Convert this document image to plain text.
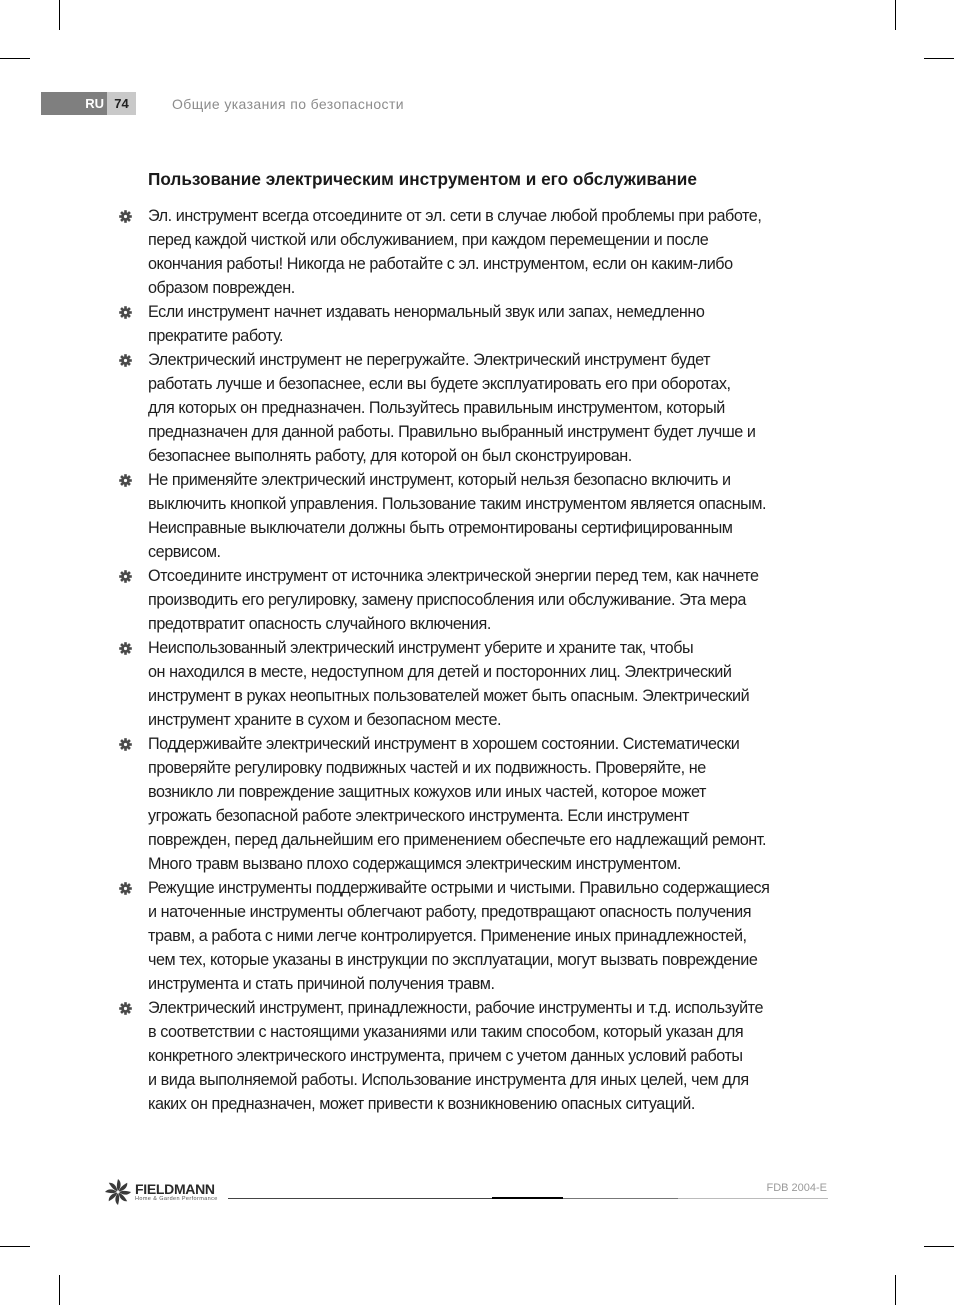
RU 74	Общие указания по безопасности
Пользование электрическим инструментом и его обслуживание
Эл. инструмент всегда отсоедините от эл. сети в случае любой проблемы при работе,
перед каждой чисткой или обслуживанием, при каждом перемещении и после
окончания работы! Никогда не работайте с эл. инструментом, если он каким-либо
образом поврежден.
Если инструмент начнет издавать ненормальный звук или запах, немедленно
прекратите работу.
Электрический инструмент не перегружайте. Электрический инструмент будет
работать лучше и безопаснее, если вы будете эксплуатировать его при оборотах,
для которых он предназначен. Пользуйтесь правильным инструментом, который
предназначен для данной работы. Правильно выбранный инструмент будет лучше и
безопаснее выполнять работу, для которой он был сконструирован.
Не применяйте электрический инструмент, который нельзя безопасно включить и
выключить кнопкой управления. Пользование таким инструментом является опасным.
Неисправные выключатели должны быть отремонтированы сертифицированным
сервисом.
Отсоедините инструмент от источника электрической энергии перед тем, как начнете
производить его регулировку, замену приспособления или обслуживание. Эта мера
предотвратит опасность случайного включения.
Неиспользованный электрический инструмент уберите и храните так, чтобы
он находился в месте, недоступном для детей и посторонних лиц. Электрический
инструмент в руках неопытных пользователей может быть опасным. Электрический
инструмент храните в сухом и безопасном месте.
Поддерживайте электрический инструмент в хорошем состоянии. Систематически
проверяйте регулировку подвижных частей и их подвижность. Проверяйте, не
возникло ли повреждение защитных кожухов или иных частей, которое может
угрожать безопасной работе электрического инструмента. Если инструмент
поврежден, перед дальнейшим его применением обеспечьте его надлежащий ремонт.
Много травм вызвано плохо содержащимся электрическим инструментом.
Режущие инструменты поддерживайте острыми и чистыми. Правильно содержащиеся
и наточенные инструменты облегчают работу, предотвращают опасность получения
травм, а работа с ними легче контролируется. Применение иных принадлежностей,
чем тех, которые указаны в инструкции по эксплуатации, могут вызвать повреждение
инструмента и стать причиной получения травм.
Электрический инструмент, принадлежности, рабочие инструменты и т.д. используйте
в соответствии с настоящими указаниями или таким способом, который указан для
конкретного электрического инструмента, причем с учетом данных условий работы
и вида выполняемой работы. Использование инструмента для иных целей, чем для
каких он предназначен, может привести к возникновению опасных ситуаций.
FIELDMANN
Home & Garden Performance
FDB 2004-E
